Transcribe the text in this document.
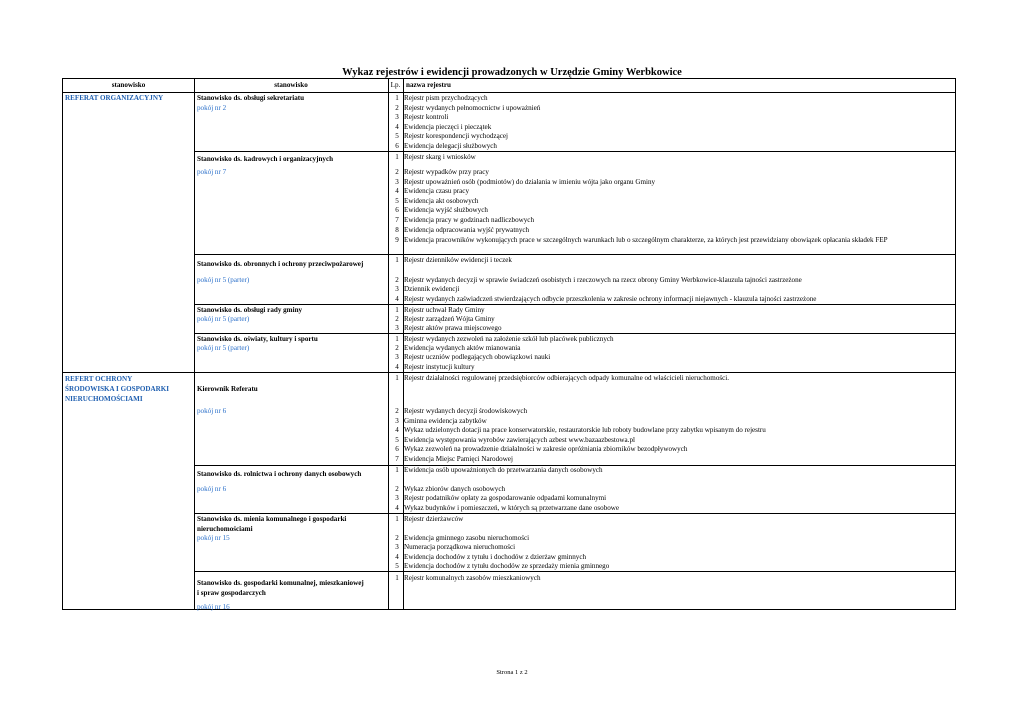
Wykaz rejestrów i ewidencji prowadzonych w Urzędzie Gminy Werbkowice
stanowisko	stanowisko	Lp. nazwa rejestru
REFERAT ORGANIZACYJNY
REFERT OCHRONY
ŚRODOWISKA I GOSPODARKI
NIERUCHOMOŚCIAMI
Stanowisko ds. obsługi sekretariatu
pokój nr 2
1 Rejestr pism przychodzących
2 Rejestr wydanych pełnomocnictw i upoważnień
3 Rejestr kontroli
4 Ewidencja pieczęci i pieczątek
5 Rejestr korespondencji wychodzącej
6 Ewidencja delegacji służbowych
Stanowisko ds. kadrowych i organizacyjnych
pokój nr 7
1 Rejestr skarg i wniosków
2 Rejestr wypadków przy pracy
3 Rejestr upoważnień osób (podmiotów) do działania w imieniu wójta jako organu Gminy
4 Ewidencja czasu pracy
5 Ewidencja akt osobowych
6 Ewidencja wyjść służbowych
7 Ewidencja pracy w godzinach nadliczbowych
8 Ewidencja odpracowania wyjść prywatnych
9 Ewidencja pracowników wykonujących prace w szczególnych warunkach lub o szczególnym charakterze, za których jest przewidziany obowiązek opłacania składek FEP
Stanowisko ds. obronnych i ochrony przeciwpożarowej
pokój nr 5 (parter)
1 Rejestr dzienników ewidencji i teczek
2 Rejestr wydanych decyzji w sprawie świadczeń osobistych i rzeczowych na rzecz obrony Gminy Werbkowice-klauzula tajności zastrzeżone
3 Dziennik ewidencji
4 Rejestr wydanych zaświadczeń stwierdzających odbycie przeszkolenia w zakresie ochrony informacji niejawnych - klauzula tajności zastrzeżone
Stanowisko ds. obsługi rady gminy
pokój nr 5 (parter)
1 Rejestr uchwał Rady Gminy
2 Rejestr zarządzeń Wójta Gminy
3 Rejestr aktów prawa miejscowego
Stanowisko ds. oświaty, kultury i sportu
pokój nr 5 (parter)
1 Rejestr wydanych zezwoleń na założenie szkół lub placówek publicznych
2 Ewidencja wydanych aktów mianowania
3 Rejestr uczniów podlegających obowiązkowi nauki
4 Rejestr instytucji kultury
Kierownik Referatu
pokój nr 6
1 Rejestr działalności regulowanej przedsiębiorców odbierających odpady komunalne od właścicieli nieruchomości.
2 Rejestr wydanych decyzji środowiskowych
3 Gminna ewidencja zabytków
4 Wykaz udzielonych dotacji na prace konserwatorskie, restauratorskie lub roboty budowlane przy zabytku wpisanym do rejestru
5 Ewidencja występowania wyrobów zawierających azbest www.bazaazbestowa.pl
6 Wykaz zezwoleń na prowadzenie działalności w zakresie opróżniania zbiorników bezodpływowych
7 Ewidencja Miejsc Pamięci Narodowej
Stanowisko ds. rolnictwa i ochrony danych osobowych
pokój nr 6
1 Ewidencja osób upoważnionych do przetwarzania danych osobowych
2 Wykaz zbiorów danych osobowych
3 Rejestr podatników opłaty za gospodarowanie odpadami komunalnymi
4 Wykaz budynków i pomieszczeń, w których są przetwarzane dane osobowe
Stanowisko ds. mienia komunalnego i gospodarki
nieruchomościami
pokój nr 15
1 Rejestr dzierżawców
2 Ewidencja gminnego zasobu nieruchomości
3 Numeracja porządkowa nieruchomości
4 Ewidencja dochodów z tytułu i dochodów z dzierżaw gminnych
5 Ewidencja dochodów z tytułu dochodów ze sprzedaży mienia gminnego
Stanowisko ds. gospodarki komunalnej, mieszkaniowej
i spraw gospodarczych
pokój nr 16
1 Rejestr komunalnych zasobów mieszkaniowych
Strona 1 z 2
